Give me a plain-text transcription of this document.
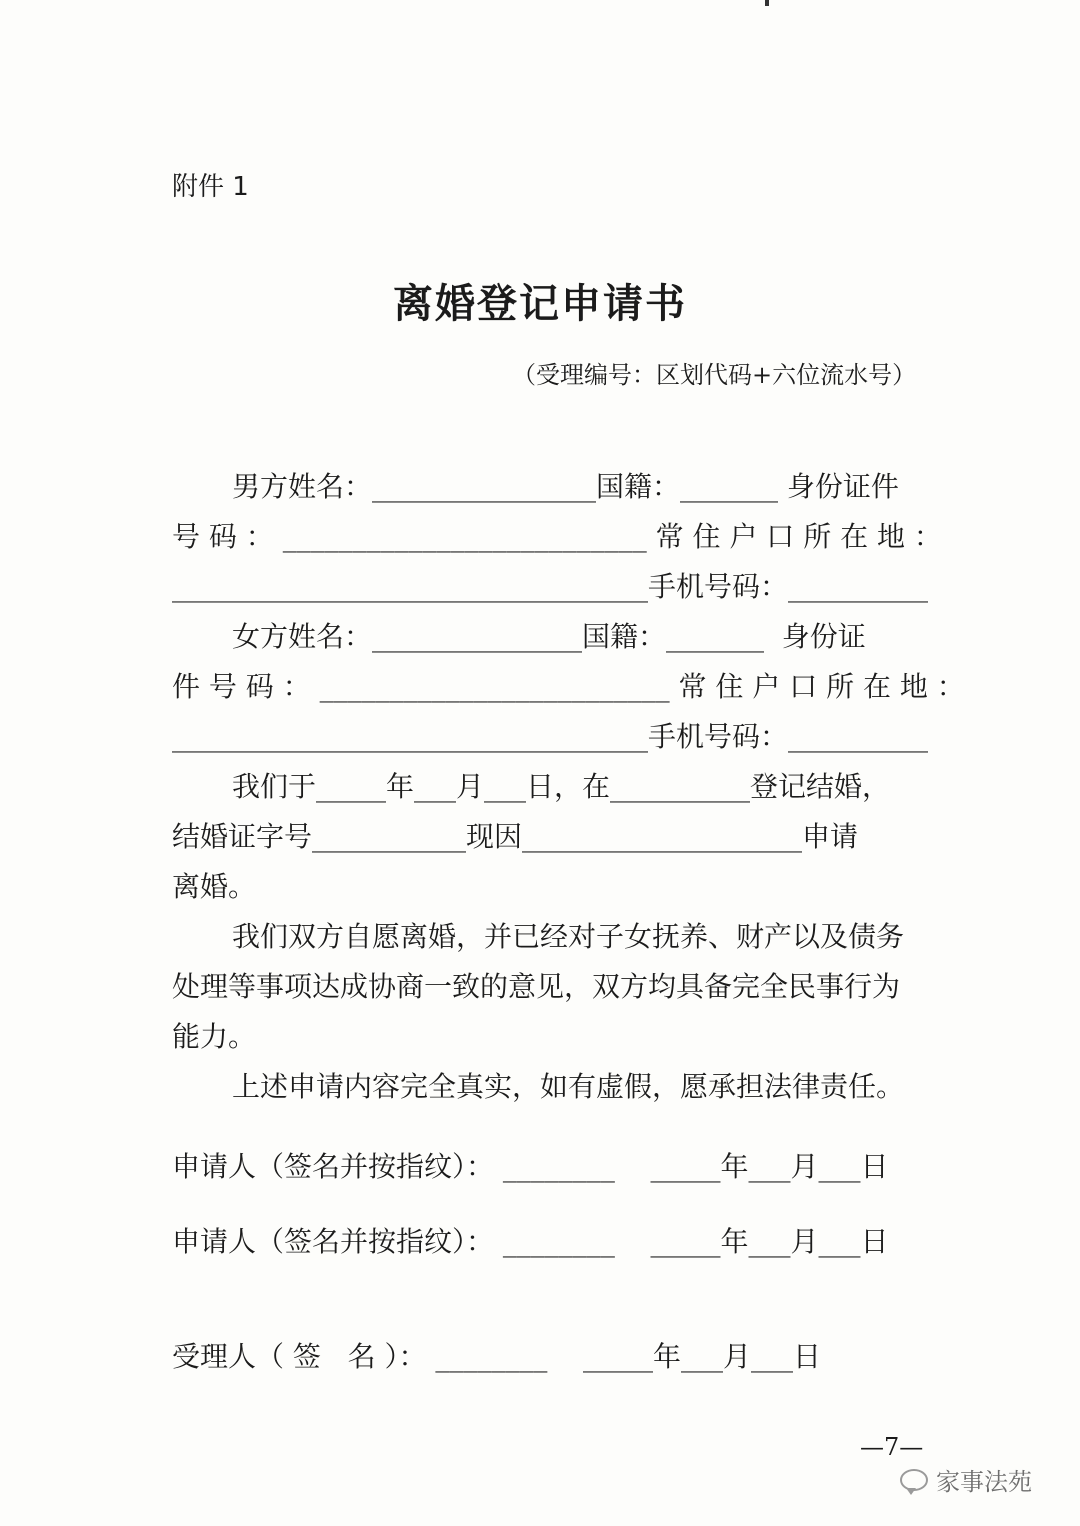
附件 1
离婚登记申请书
（受理编号：区划代码+六位流水号）
男方姓名：________________国籍：_______ 身份证件
号 码 ： __________________________ 常 住 户 口 所 在 地 ：
__________________________________手机号码：__________
女方姓名：_______________国籍：_______  身份证
件 号 码 ： _________________________ 常 住 户 口 所 在 地 ：
__________________________________手机号码：__________
我们于_____年___月___日，在__________登记结婚，
结婚证字号___________现因____________________申请
离婚。
我们双方自愿离婚，并已经对子女抚养、财产以及债务
处理等事项达成协商一致的意见，双方均具备完全民事行为
能力。
上述申请内容完全真实，如有虚假，愿承担法律责任。
申请人（签名并按指纹）： ________    _____年___月___日
申请人（签名并按指纹）： ________    _____年___月___日
受理人（ 签   名 ）： ________    _____年___月___日
—7—
家事法苑
